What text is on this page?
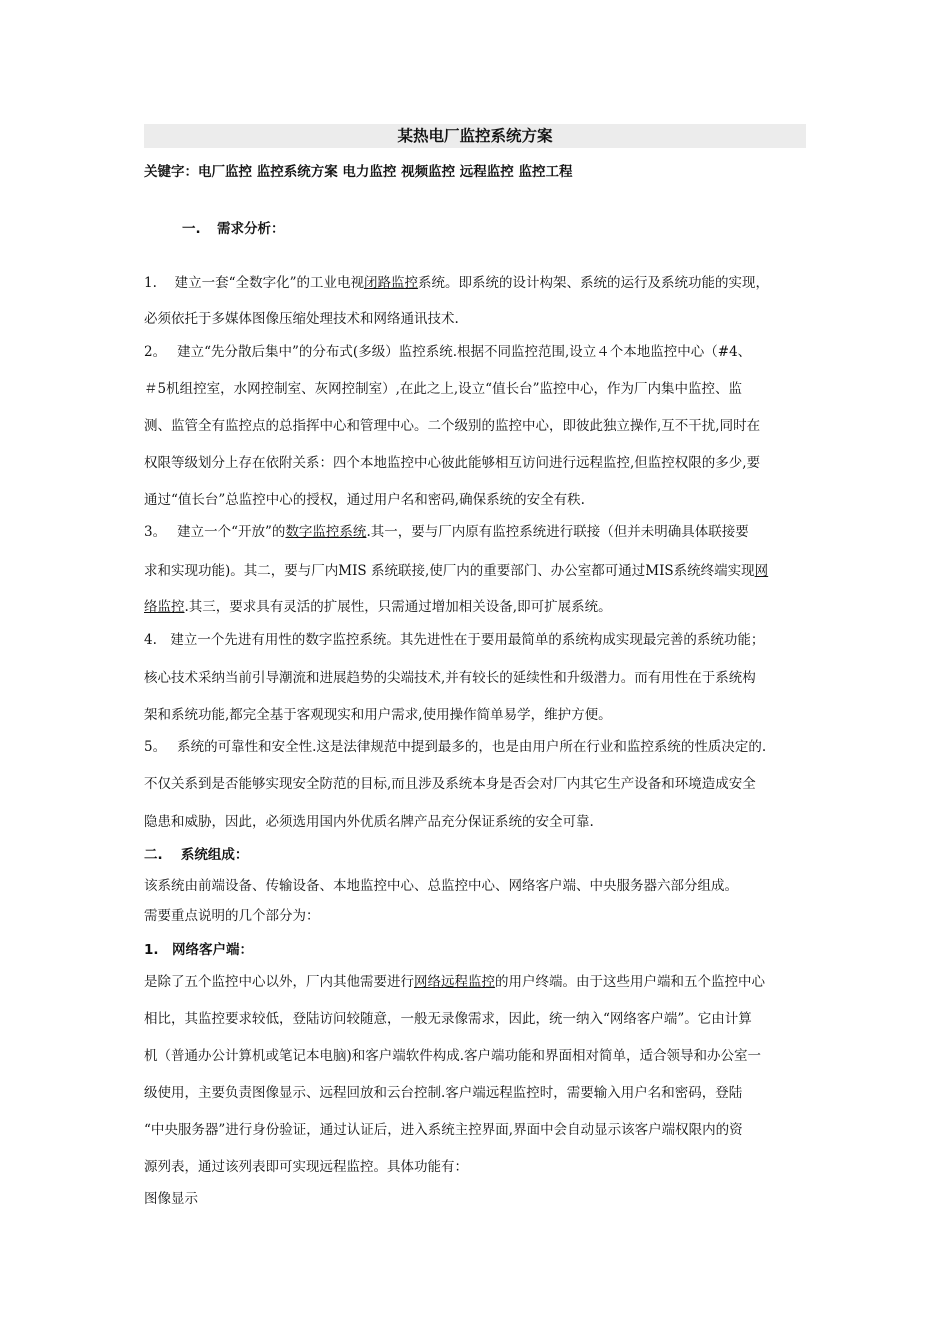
某热电厂监控系统方案
关键字：电厂监控 监控系统方案 电力监控 视频监控 远程监控 监控工程
一. 需求分析：
1.　 建立一套“全数字化”的工业电视闭路监控系统。即系统的设计构架、系统的运行及系统功能的实现，
必须依托于多媒体图像压缩处理技术和网络通讯技术.
2。　 建立“先分散后集中”的分布式(多级）监控系统.根据不同监控范围,设立４个本地监控中心（#4、
＃5机组控室，水网控制室、灰网控制室）,在此之上,设立“值长台”监控中心，作为厂内集中监控、监
测、监管全有监控点的总指挥中心和管理中心。二个级别的监控中心，即彼此独立操作,互不干扰,同时在
权限等级划分上存在依附关系：四个本地监控中心彼此能够相互访问进行远程监控,但监控权限的多少,要
通过“值长台”总监控中心的授权，通过用户名和密码,确保系统的安全有秩.
3。　 建立一个“开放”的数字监控系统.其一，要与厂内原有监控系统进行联接（但并未明确具体联接要
求和实现功能)。其二，要与厂内MIS 系统联接,使厂内的重要部门、办公室都可通过MIS系统终端实现网
络监控.其三，要求具有灵活的扩展性，只需通过增加相关设备,即可扩展系统。
4.　建立一个先进有用性的数字监控系统。其先进性在于要用最简单的系统构成实现最完善的系统功能；
核心技术采纳当前引导潮流和进展趋势的尖端技术,并有较长的延续性和升级潜力。而有用性在于系统构
架和系统功能,都完全基于客观现实和用户需求,使用操作简单易学，维护方便。
5。　 系统的可靠性和安全性.这是法律规范中提到最多的，也是由用户所在行业和监控系统的性质决定的.
不仅关系到是否能够实现安全防范的目标,而且涉及系统本身是否会对厂内其它生产设备和环境造成安全
隐患和威胁，因此，必须选用国内外优质名牌产品充分保证系统的安全可靠.
二.　 系统组成：
该系统由前端设备、传输设备、本地监控中心、总监控中心、网络客户端、中央服务器六部分组成。
需要重点说明的几个部分为：
1.　网络客户端：
是除了五个监控中心以外，厂内其他需要进行网络远程监控的用户终端。由于这些用户端和五个监控中心
相比，其监控要求较低，登陆访问较随意，一般无录像需求，因此，统一纳入“网络客户端”。它由计算
机（普通办公计算机或笔记本电脑)和客户端软件构成.客户端功能和界面相对简单，适合领导和办公室一
级使用，主要负责图像显示、远程回放和云台控制.客户端远程监控时，需要输入用户名和密码，登陆
“中央服务器”进行身份验证，通过认证后，进入系统主控界面,界面中会自动显示该客户端权限内的资
源列表，通过该列表即可实现远程监控。具体功能有：
图像显示
